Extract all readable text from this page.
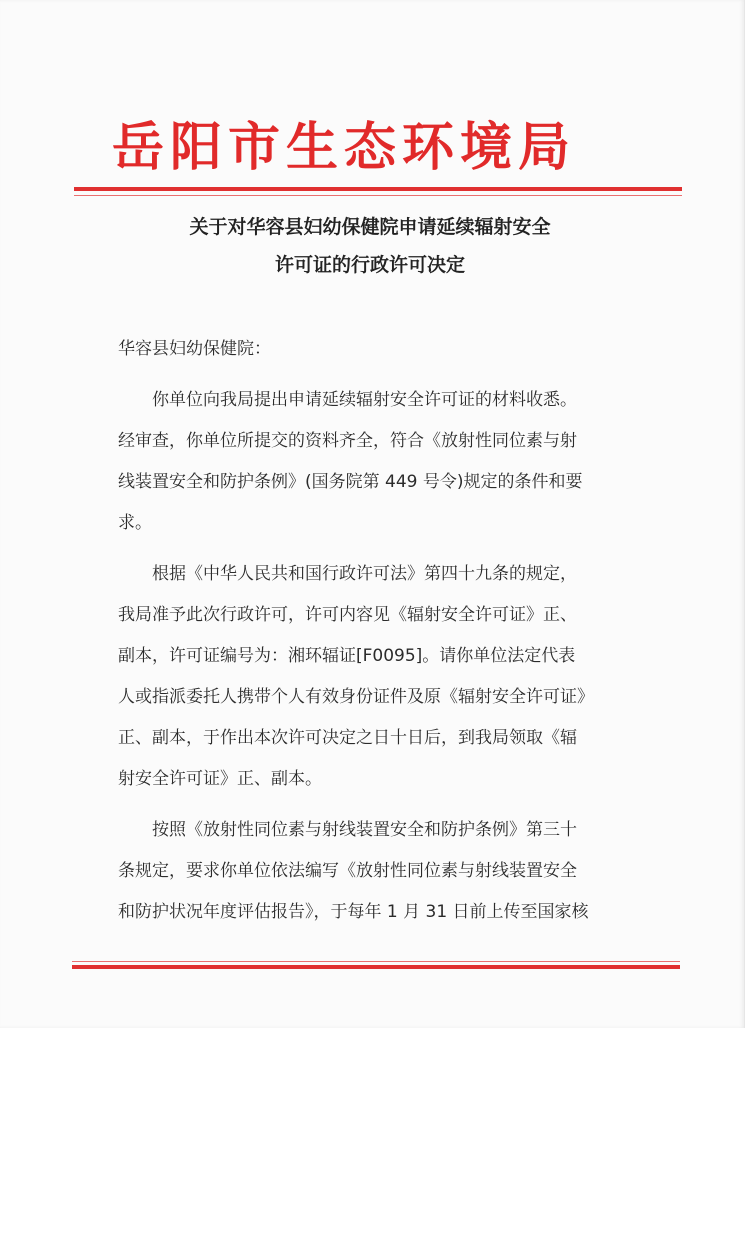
岳阳市生态环境局
关于对华容县妇幼保健院申请延续辐射安全
许可证的行政许可决定
华容县妇幼保健院：
你单位向我局提出申请延续辐射安全许可证的材料收悉。
经审查，你单位所提交的资料齐全，符合《放射性同位素与射
线装置安全和防护条例》(国务院第 449 号令)规定的条件和要
求。
根据《中华人民共和国行政许可法》第四十九条的规定，
我局准予此次行政许可，许可内容见《辐射安全许可证》正、
副本，许可证编号为：湘环辐证[F0095]。请你单位法定代表
人或指派委托人携带个人有效身份证件及原《辐射安全许可证》
正、副本，于作出本次许可决定之日十日后，到我局领取《辐
射安全许可证》正、副本。
按照《放射性同位素与射线装置安全和防护条例》第三十
条规定，要求你单位依法编写《放射性同位素与射线装置安全
和防护状况年度评估报告》，于每年 1 月 31 日前上传至国家核
